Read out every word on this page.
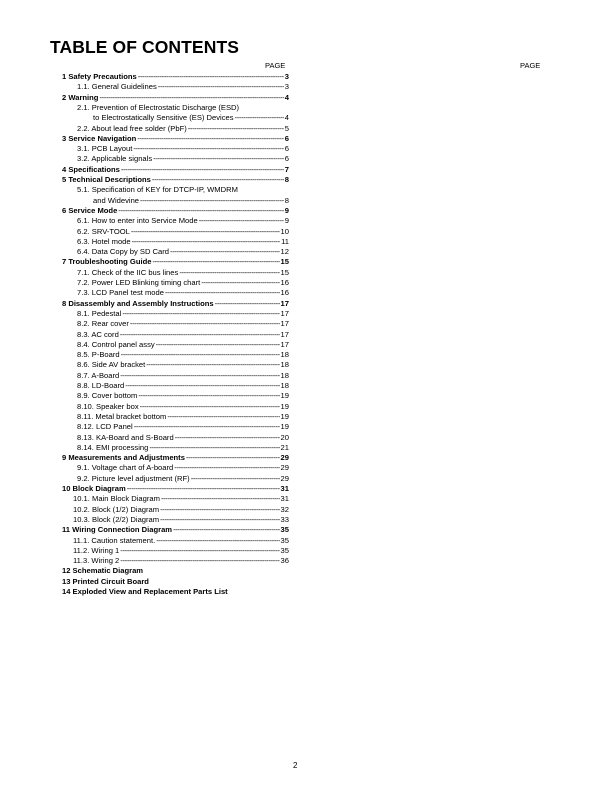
TABLE OF CONTENTS
PAGE	PAGE
1 Safety Precautions -----	3
1.1. General Guidelines -----	3
2 Warning -----	4
2.1. Prevention of Electrostatic Discharge (ESD)
to Electrostatically Sensitive (ES) Devices -----	4
2.2. About lead free solder (PbF) -----	5
3 Service Navigation -----	6
3.1. PCB Layout -----	6
3.2. Applicable signals -----	6
4 Specifications -----	7
5 Technical Descriptions -----	8
5.1. Specification of KEY for DTCP-IP, WMDRM
and Widevine -----	8
6 Service Mode -----	9
6.1. How to enter into Service Mode -----	9
6.2. SRV-TOOL -----	10
6.3. Hotel mode -----	11
6.4. Data Copy by SD Card -----	12
7 Troubleshooting Guide -----	15
7.1. Check of the IIC bus lines -----	15
7.2. Power LED Blinking timing chart -----	16
7.3. LCD Panel test mode -----	16
8 Disassembly and Assembly Instructions -----	17
8.1. Pedestal -----	17
8.2. Rear cover -----	17
8.3. AC cord -----	17
8.4. Control panel assy -----	17
8.5. P-Board -----	18
8.6. Side AV bracket -----	18
8.7. A-Board -----	18
8.8. LD-Board -----	18
8.9. Cover bottom -----	19
8.10. Speaker box -----	19
8.11. Metal bracket bottom -----	19
8.12. LCD Panel -----	19
8.13. KA-Board and S-Board -----	20
8.14. EMI processing -----	21
9 Measurements and Adjustments -----	29
9.1. Voltage chart of A-board -----	29
9.2. Picture level adjustment (RF) -----	29
10 Block Diagram -----	31
10.1. Main Block Diagram -----	31
10.2. Block (1/2) Diagram -----	32
10.3. Block (2/2) Diagram -----	33
11 Wiring Connection Diagram -----	35
11.1. Caution statement. -----	35
11.2. Wiring 1 -----	35
11.3. Wiring 2 -----	36
12 Schematic Diagram
13 Printed Circuit Board
14 Exploded View and Replacement Parts List
2
